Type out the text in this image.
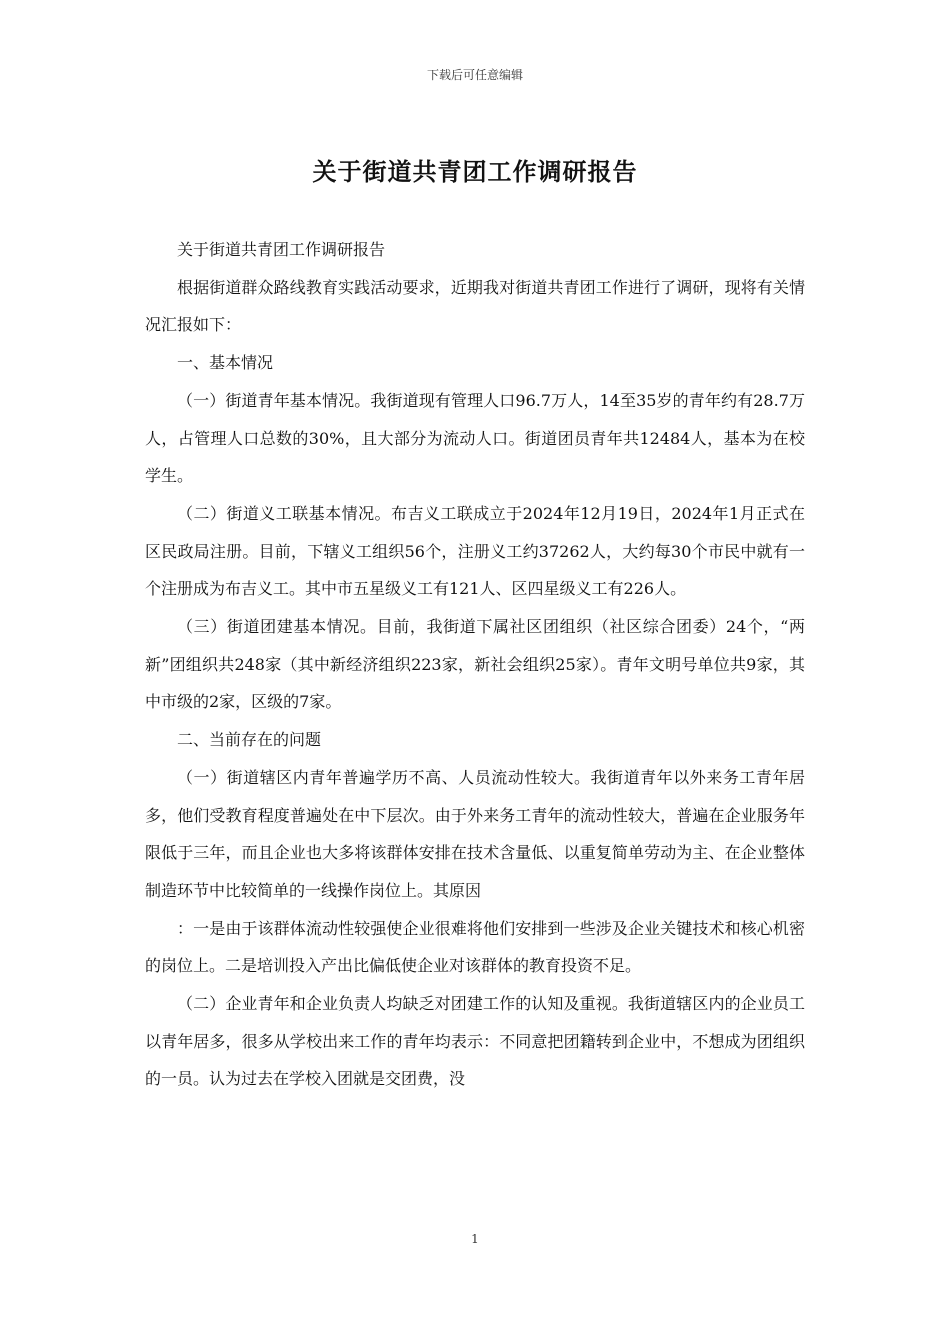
下载后可任意编辑
关于街道共青团工作调研报告

关于街道共青团工作调研报告

根据街道群众路线教育实践活动要求，近期我对街道共青团工作进行了调研，现将有关情况汇报如下：

一、基本情况

（一）街道青年基本情况。我街道现有管理人口96.7万人，14至35岁的青年约有28.7万人，占管理人口总数的30%，且大部分为流动人口。街道团员青年共12484人，基本为在校学生。

（二）街道义工联基本情况。布吉义工联成立于2024年12月19日，2024年1月正式在区民政局注册。目前，下辖义工组织56个，注册义工约37262人，大约每30个市民中就有一个注册成为布吉义工。其中市五星级义工有121人、区四星级义工有226人。

（三）街道团建基本情况。目前，我街道下属社区团组织（社区综合团委）24个，“两新”团组织共248家（其中新经济组织223家，新社会组织25家）。青年文明号单位共9家，其中市级的2家，区级的7家。

二、当前存在的问题

（一）街道辖区内青年普遍学历不高、人员流动性较大。我街道青年以外来务工青年居多，他们受教育程度普遍处在中下层次。由于外来务工青年的流动性较大，普遍在企业服务年限低于三年，而且企业也大多将该群体安排在技术含量低、以重复简单劳动为主、在企业整体制造环节中比较简单的一线操作岗位上。其原因

：一是由于该群体流动性较强使企业很难将他们安排到一些涉及企业关键技术和核心机密的岗位上。二是培训投入产出比偏低使企业对该群体的教育投资不足。

（二）企业青年和企业负责人均缺乏对团建工作的认知及重视。我街道辖区内的企业员工以青年居多，很多从学校出来工作的青年均表示：不同意把团籍转到企业中，不想成为团组织的一员。认为过去在学校入团就是交团费，没

1
